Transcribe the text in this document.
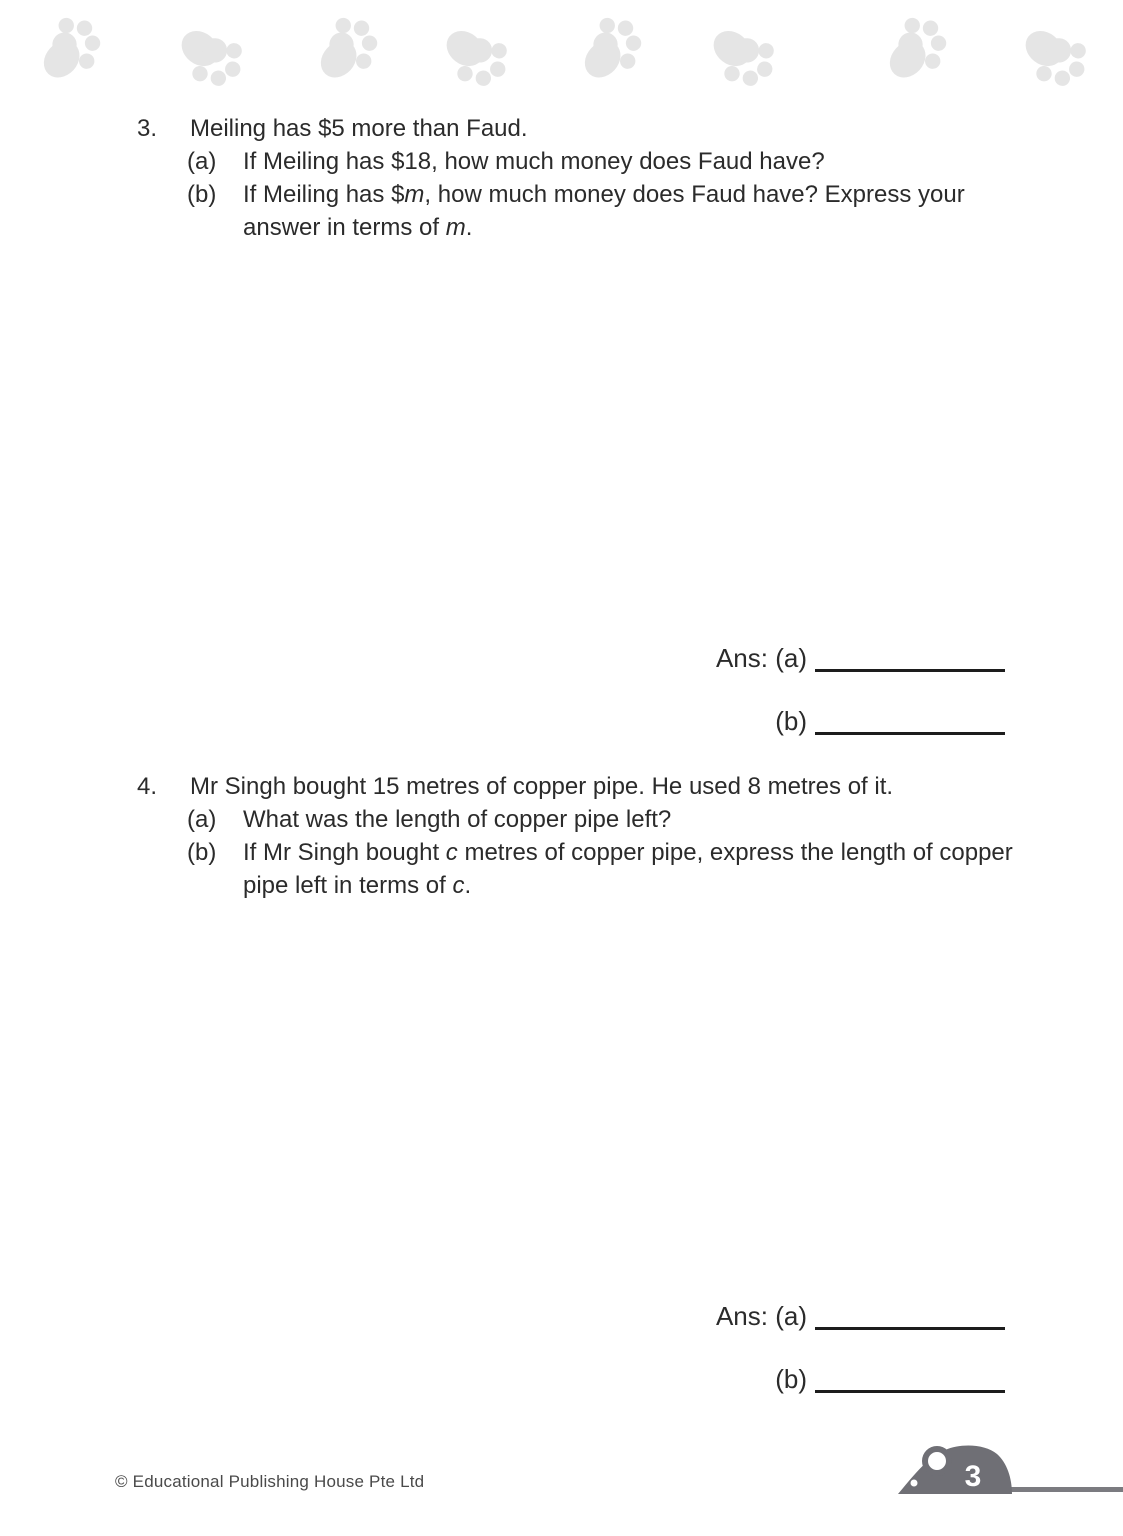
3.	Meiling has $5 more than Faud.
(a)	If Meiling has $18, how much money does Faud have?
(b)	If Meiling has $m, how much money does Faud have? Express your answer in terms of m.
Ans: (a)
(b)
4.	Mr Singh bought 15 metres of copper pipe. He used 8 metres of it.
(a)	What was the length of copper pipe left?
(b)	If Mr Singh bought c metres of copper pipe, express the length of copper pipe left in terms of c.
Ans: (a)
(b)
© Educational Publishing House Pte Ltd	3
